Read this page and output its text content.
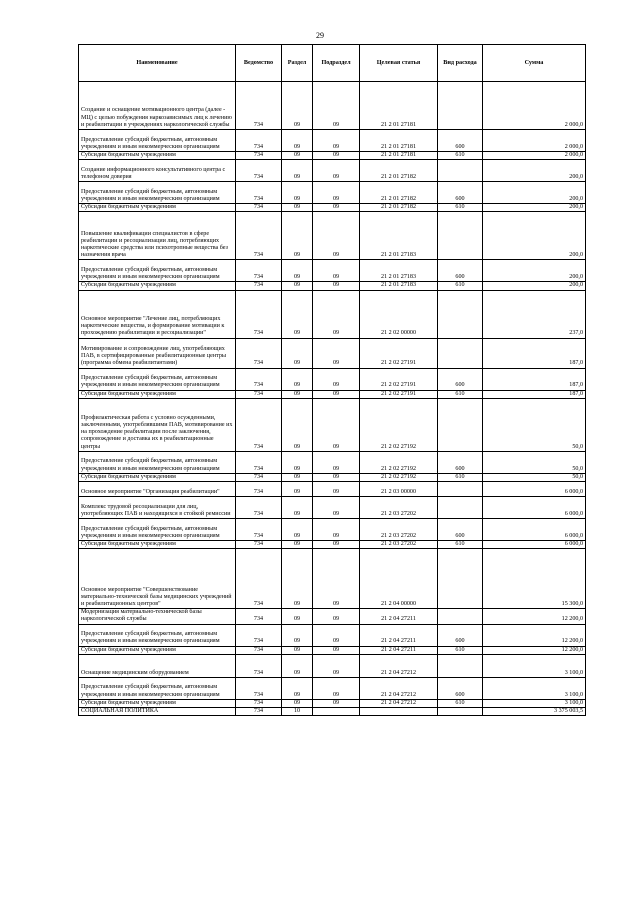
29
Наименование	Ведомство	Раздел	Подраздел	Целевая статья	Вид расхода	Сумма
Создание и оснащение мотивационного центра (далее - МЦ) с целью побуждения наркозависимых лиц к лечению и реабилитации в учреждениях наркологической службы	734	09	09	21 2 01 27181		2 000,0
Предоставление субсидий бюджетным, автономным учреждениям и иным некоммерческим организациям	734	09	09	21 2 01 27181	600	2 000,0
Субсидии бюджетным учреждениям	734	09	09	21 2 01 27181	610	2 000,0
Создание информационного консультативного центра с телефоном доверия	734	09	09	21 2 01 27182		200,0
Предоставление субсидий бюджетным, автономным учреждениям и иным некоммерческим организациям	734	09	09	21 2 01 27182	600	200,0
Субсидии бюджетным учреждениям	734	09	09	21 2 01 27182	610	200,0
Повышение квалификации специалистов в сфере реабилитации и ресоциализации лиц, потребляющих наркотические средства или психотропные вещества без назначения врача	734	09	09	21 2 01 27183		200,0
Предоставление субсидий бюджетным, автономным учреждениям и иным некоммерческим организациям	734	09	09	21 2 01 27183	600	200,0
Субсидии бюджетным учреждениям	734	09	09	21 2 01 27183	610	200,0
Основное мероприятие "Лечение лиц, потребляющих наркотические вещества, и формирование мотивации к прохождению реабилитации и ресоциализации"	734	09	09	21 2 02 00000		237,0
Мотивирование и сопровождение лиц, употребляющих ПАВ, в сертифицированные реабилитационные центры (программа обмена реабилитантами)	734	09	09	21 2 02 27191		187,0
Предоставление субсидий бюджетным, автономным учреждениям и иным некоммерческим организациям	734	09	09	21 2 02 27191	600	187,0
Субсидии бюджетным учреждениям	734	09	09	21 2 02 27191	610	187,0
Профилактическая работа с условно осужденными, заключенными, употреблявшими ПАВ, мотивирование их на прохождение реабилитации после заключения, сопровождение и доставка их в реабилитационные центры	734	09	09	21 2 02 27192		50,0
Предоставление субсидий бюджетным, автономным учреждениям и иным некоммерческим организациям	734	09	09	21 2 02 27192	600	50,0
Субсидии бюджетным учреждениям	734	09	09	21 2 02 27192	610	50,0
Основное мероприятие "Организация реабилитации"	734	09	09	21 2 03 00000		6 000,0
Комплекс трудовой ресоциализации для лиц, употребляющих ПАВ и находящихся в стойкой ремиссии	734	09	09	21 2 03 27202		6 000,0
Предоставление субсидий бюджетным, автономным учреждениям и иным некоммерческим организациям	734	09	09	21 2 03 27202	600	6 000,0
Субсидии бюджетным учреждениям	734	09	09	21 2 03 27202	610	6 000,0
Основное мероприятие "Совершенствование материально-технической базы медицинских учреждений и реабилитационных центров"	734	09	09	21 2 04 00000		15 300,0
Модернизация материально-технической базы наркологической службы	734	09	09	21 2 04 27211		12 200,0
Предоставление субсидий бюджетным, автономным учреждениям и иным некоммерческим организациям	734	09	09	21 2 04 27211	600	12 200,0
Субсидии бюджетным учреждениям	734	09	09	21 2 04 27211	610	12 200,0
Оснащение медицинским оборудованием	734	09	09	21 2 04 27212		3 100,0
Предоставление субсидий бюджетным, автономным учреждениям и иным некоммерческим организациям	734	09	09	21 2 04 27212	600	3 100,0
Субсидии бюджетным учреждениям	734	09	09	21 2 04 27212	610	3 100,0
СОЦИАЛЬНАЯ ПОЛИТИКА	734	10				3 375 003,5
